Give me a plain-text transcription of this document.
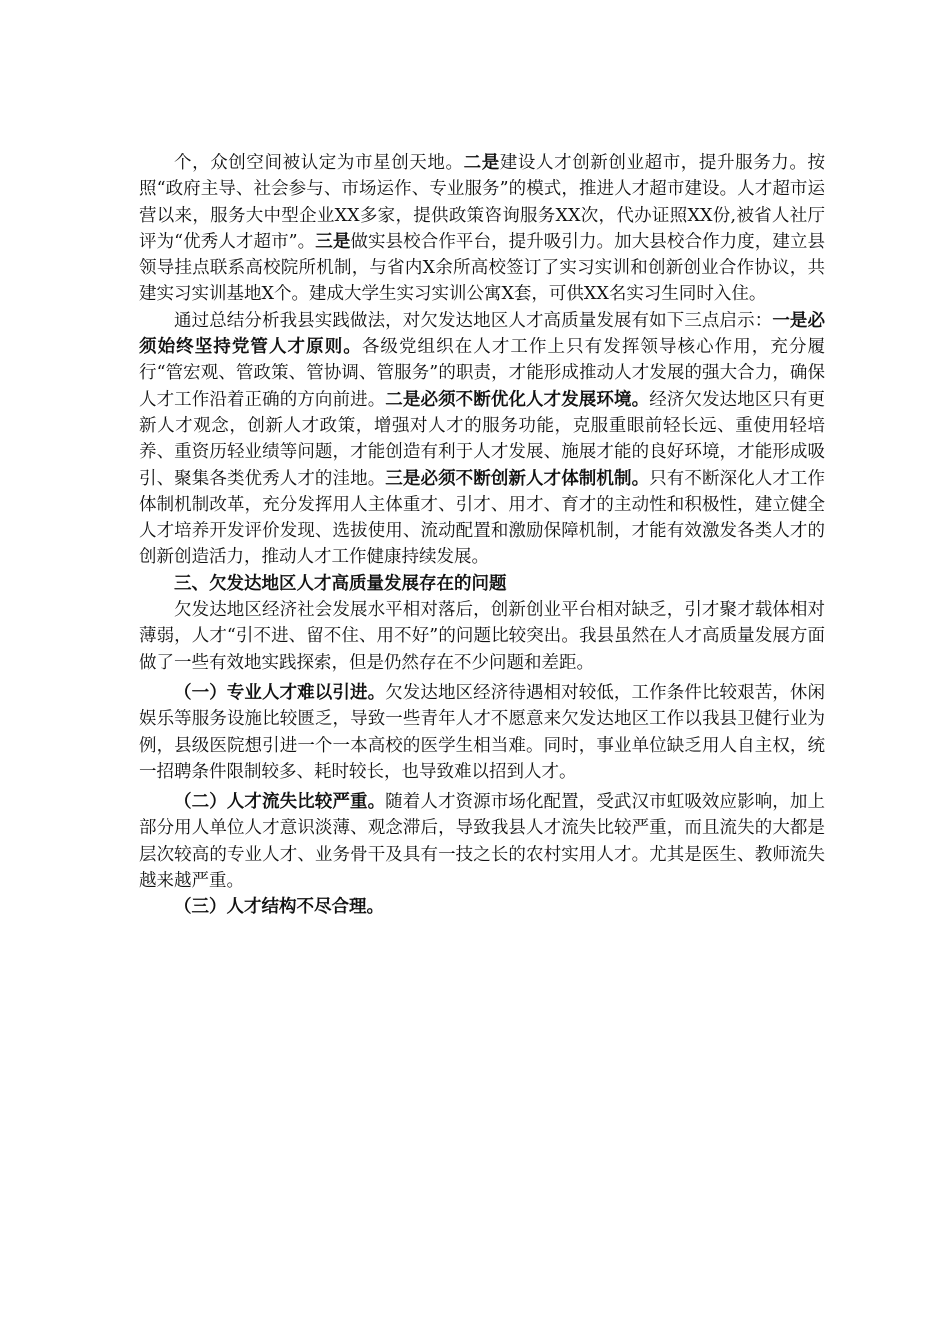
个，众创空间被认定为市星创天地。二是建设人才创新创业超市，提升服务力。按照“政府主导、社会参与、市场运作、专业服务”的模式，推进人才超市建设。人才超市运营以来，服务大中型企业XX多家，提供政策咨询服务XX次，代办证照XX份,被省人社厅评为“优秀人才超市”。三是做实县校合作平台，提升吸引力。加大县校合作力度，建立县领导挂点联系高校院所机制，与省内X余所高校签订了实习实训和创新创业合作协议，共建实习实训基地X个。建成大学生实习实训公寓X套，可供XX名实习生同时入住。

通过总结分析我县实践做法，对欠发达地区人才高质量发展有如下三点启示：一是必须始终坚持党管人才原则。各级党组织在人才工作上只有发挥领导核心作用，充分履行“管宏观、管政策、管协调、管服务”的职责，才能形成推动人才发展的强大合力，确保人才工作沿着正确的方向前进。二是必须不断优化人才发展环境。经济欠发达地区只有更新人才观念，创新人才政策，增强对人才的服务功能，克服重眼前轻长远、重使用轻培养、重资历轻业绩等问题，才能创造有利于人才发展、施展才能的良好环境，才能形成吸引、聚集各类优秀人才的洼地。三是必须不断创新人才体制机制。只有不断深化人才工作体制机制改革，充分发挥用人主体重才、引才、用才、育才的主动性和积极性，建立健全人才培养开发评价发现、选拔使用、流动配置和激励保障机制，才能有效激发各类人才的创新创造活力，推动人才工作健康持续发展。

三、欠发达地区人才高质量发展存在的问题

欠发达地区经济社会发展水平相对落后，创新创业平台相对缺乏，引才聚才载体相对薄弱，人才“引不进、留不住、用不好”的问题比较突出。我县虽然在人才高质量发展方面做了一些有效地实践探索，但是仍然存在不少问题和差距。

（一）专业人才难以引进。欠发达地区经济待遇相对较低，工作条件比较艰苦，休闲娱乐等服务设施比较匮乏，导致一些青年人才不愿意来欠发达地区工作以我县卫健行业为例，县级医院想引进一个一本高校的医学生相当难。同时，事业单位缺乏用人自主权，统一招聘条件限制较多、耗时较长，也导致难以招到人才。

（二）人才流失比较严重。随着人才资源市场化配置，受武汉市虹吸效应影响，加上部分用人单位人才意识淡薄、观念滞后，导致我县人才流失比较严重，而且流失的大都是层次较高的专业人才、业务骨干及具有一技之长的农村实用人才。尤其是医生、教师流失越来越严重。

（三）人才结构不尽合理。
